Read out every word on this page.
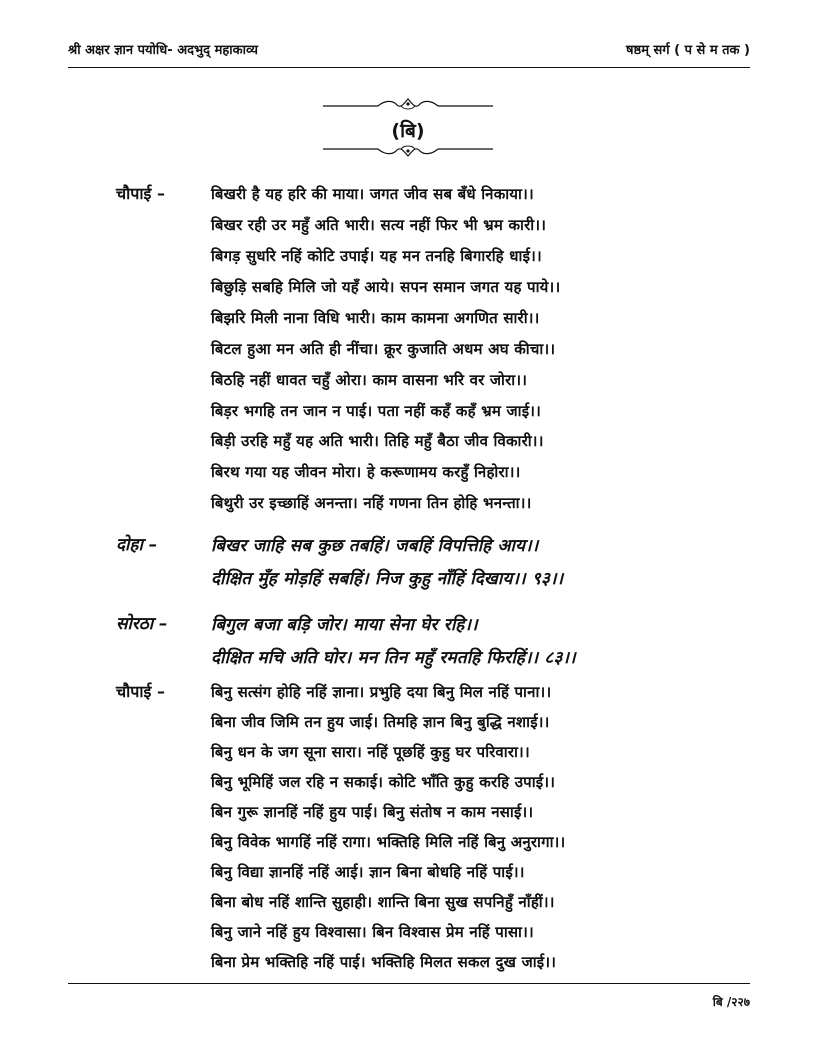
श्री अक्षर ज्ञान पयोधि- अदभुद् महाकाव्य	षष्ठम् सर्ग ( प से म तक )
(बि)
चौपाई –	बिखरी है यह हरि की माया। जगत जीव सब बँधे निकाया।।
बिखर रही उर महुँ अति भारी। सत्य नहीं फिर भी भ्रम कारी।।
बिगड़ सुधरि नहिं कोटि उपाई। यह मन तनहि बिगारहि धाई।।
बिछुड़ि सबहि मिलि जो यहँ आये। सपन समान जगत यह पाये।।
बिझरि मिली नाना विधि भारी। काम कामना अगणित सारी।।
बिटल हुआ मन अति ही नींचा। क्रूर कुजाति अधम अघ कीचा।।
बिठहि नहीं धावत चहुँ ओरा। काम वासना भरि वर जोरा।।
बिड़र भगहि तन जान न पाई। पता नहीं कहँ कहँ भ्रम जाई।।
बिड़ी उरहि महुँ यह अति भारी। तिहि महुँ बैठा जीव विकारी।।
बिरथ गया यह जीवन मोरा। हे करूणामय करहुँ निहोरा।।
बिथुरी उर इच्छाहिं अनन्ता। नहिं गणना तिन होहि भनन्ता।।
दोहा –	बिखर जाहि सब कुछ तबहिं। जबहिं विपत्तिहि आय।।
दीक्षित मुँह मोड़हिं सबहिं। निज कुहु नाँहिं दिखाय।। ९३।।
सोरठा –	बिगुल बजा बड़ि जोर। माया सेना घेर रहि।।
दीक्षित मचि अति घोर। मन तिन महुँ रमतहि फिरहिं।। ८३।।
चौपाई –	बिनु सत्संग होहि नहिं ज्ञाना। प्रभुहि दया बिनु मिल नहिं पाना।।
बिना जीव जिमि तन हुय जाई। तिमहि ज्ञान बिनु बुद्धि नशाई।।
बिनु धन के जग सूना सारा। नहिं पूछहिं कुहु घर परिवारा।।
बिनु भूमिहिं जल रहि न सकाई। कोटि भाँति कुहु करहि उपाई।।
बिन गुरू ज्ञानहिं नहिं हुय पाई। बिनु संतोष न काम नसाई।।
बिनु विवेक भागहिं नहिं रागा। भक्तिहि मिलि नहिं बिनु अनुरागा।।
बिनु विद्या ज्ञानहिं नहिं आई। ज्ञान बिना बोधहि नहिं पाई।।
बिना बोध नहिं शान्ति सुहाही। शान्ति बिना सुख सपनिहुँ नाँहीं।।
बिनु जाने नहिं हुय विश्वासा। बिन विश्वास प्रेम नहिं पासा।।
बिना प्रेम भक्तिहि नहिं पाई। भक्तिहि मिलत सकल दुख जाई।।
बि /२२७
